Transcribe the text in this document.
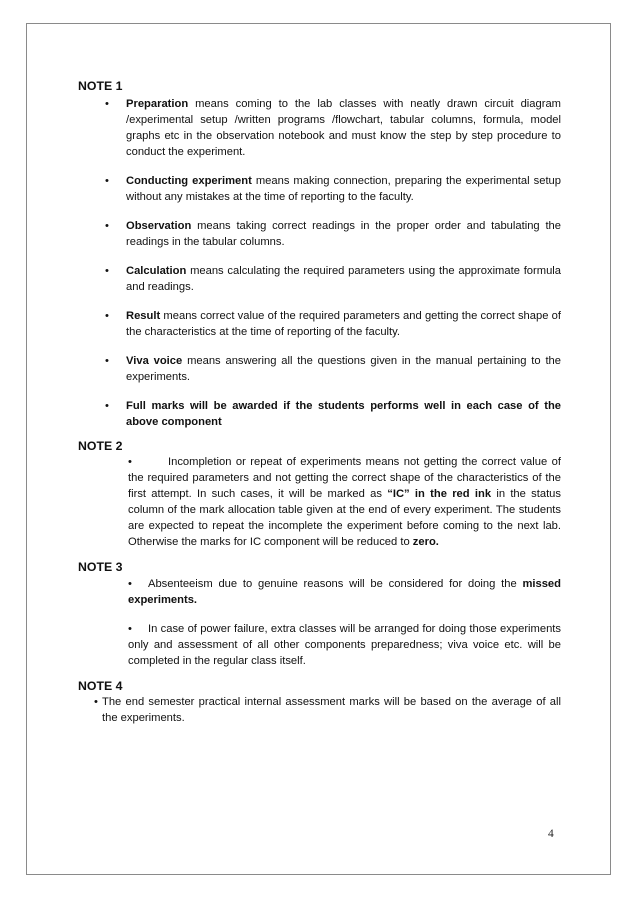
NOTE 1

• Preparation means coming to the lab classes with neatly drawn circuit diagram /experimental setup /written programs /flowchart, tabular columns, formula, model graphs etc in the observation notebook and must know the step by step procedure to conduct the experiment.

• Conducting experiment means making connection, preparing the experimental setup without any mistakes at the time of reporting to the faculty.

• Observation means taking correct readings in the proper order and tabulating the readings in the tabular columns.

• Calculation means calculating the required parameters using the approximate formula and readings.

• Result means correct value of the required parameters and getting the correct shape of the characteristics at the time of reporting of the faculty.

• Viva voice means answering all the questions given in the manual pertaining to the experiments.

• Full marks will be awarded if the students performs well in each case of the above component

NOTE 2

•	Incompletion or repeat of experiments means not getting the correct value of the required parameters and not getting the correct shape of the characteristics of the first attempt. In such cases, it will be marked as “IC” in the red ink in the status column of the mark allocation table given at the end of every experiment. The students are expected to repeat the incomplete the experiment before coming to the next lab. Otherwise the marks for IC component will be reduced to zero.

NOTE 3

• Absenteeism due to genuine reasons will be considered for doing the missed experiments.

• In case of power failure, extra classes will be arranged for doing those experiments only and assessment of all other components preparedness; viva voice etc. will be completed in the regular class itself.

NOTE 4

• The end semester practical internal assessment marks will be based on the average of all the experiments.

4
